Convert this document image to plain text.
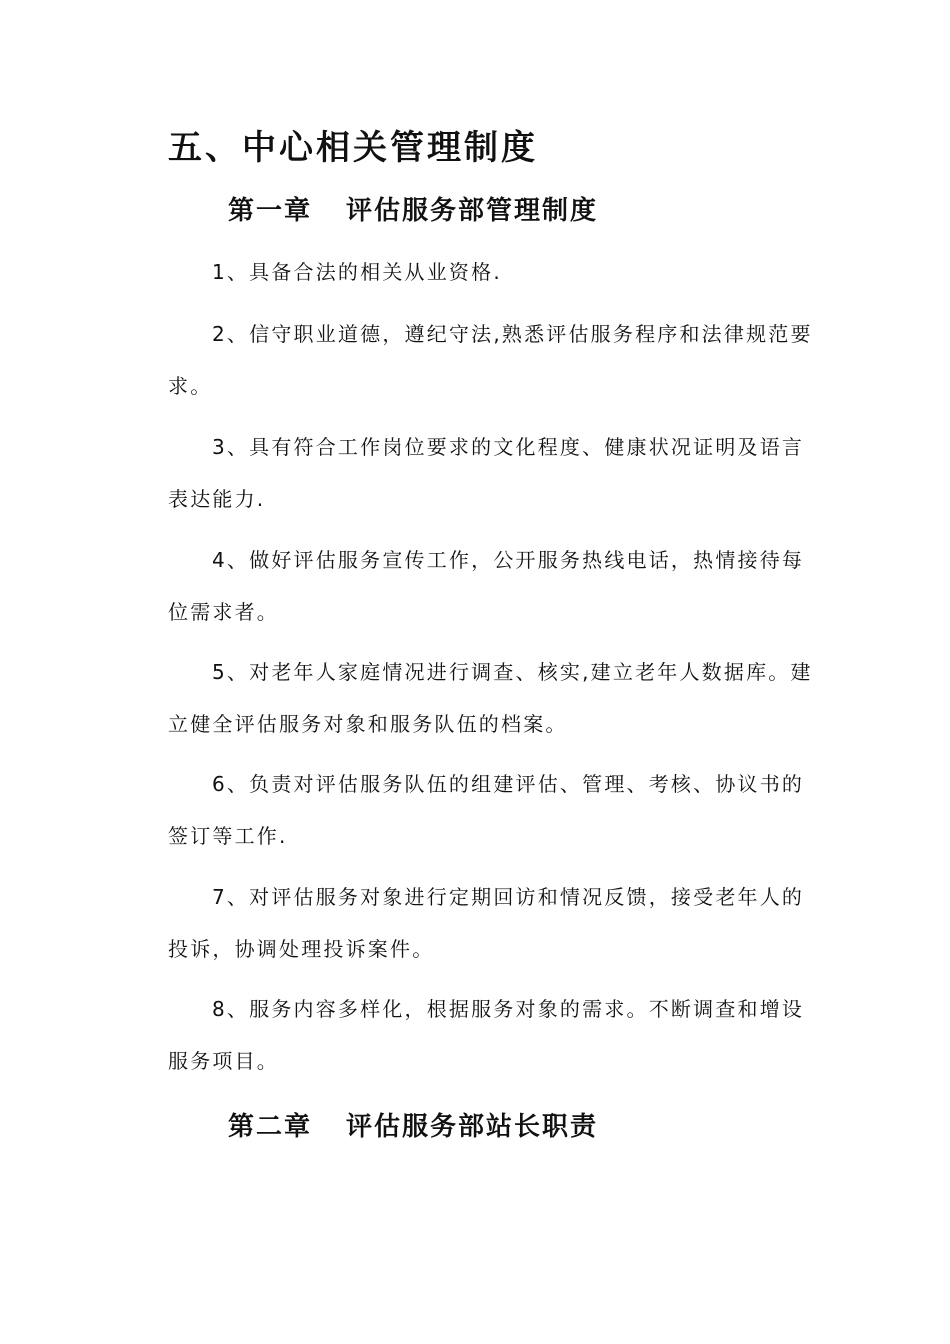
五、中心相关管理制度
第一章 评估服务部管理制度

1、具备合法的相关从业资格.

2、信守职业道德，遵纪守法,熟悉评估服务程序和法律规范要求。

3、具有符合工作岗位要求的文化程度、健康状况证明及语言表达能力.

4、做好评估服务宣传工作，公开服务热线电话，热情接待每位需求者。

5、对老年人家庭情况进行调查、核实,建立老年人数据库。建立健全评估服务对象和服务队伍的档案。

6、负责对评估服务队伍的组建评估、管理、考核、协议书的签订等工作.

7、对评估服务对象进行定期回访和情况反馈，接受老年人的投诉，协调处理投诉案件。

8、服务内容多样化，根据服务对象的需求。不断调查和增设服务项目。

第二章 评估服务部站长职责
